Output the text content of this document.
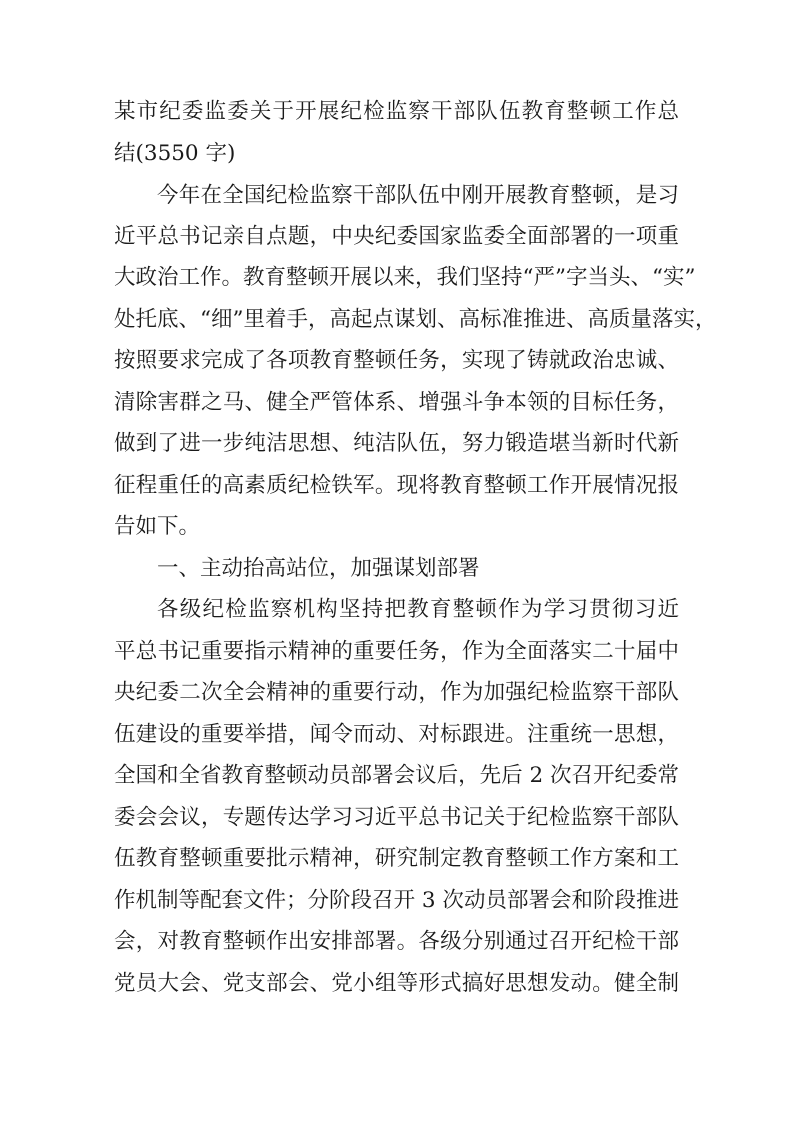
某市纪委监委关于开展纪检监察干部队伍教育整顿工作总
结(3550 字)
今年在全国纪检监察干部队伍中刚开展教育整顿，是习
近平总书记亲自点题，中央纪委国家监委全面部署的一项重
大政治工作。教育整顿开展以来，我们坚持“严”字当头、“实”
处托底、“细”里着手，高起点谋划、高标准推进、高质量落实，
按照要求完成了各项教育整顿任务，实现了铸就政治忠诚、
清除害群之马、健全严管体系、增强斗争本领的目标任务，
做到了进一步纯洁思想、纯洁队伍，努力锻造堪当新时代新
征程重任的高素质纪检铁军。现将教育整顿工作开展情况报
告如下。
一、主动抬高站位，加强谋划部署
各级纪检监察机构坚持把教育整顿作为学习贯彻习近
平总书记重要指示精神的重要任务，作为全面落实二十届中
央纪委二次全会精神的重要行动，作为加强纪检监察干部队
伍建设的重要举措，闻令而动、对标跟进。注重统一思想，
全国和全省教育整顿动员部署会议后，先后 2 次召开纪委常
委会会议，专题传达学习习近平总书记关于纪检监察干部队
伍教育整顿重要批示精神，研究制定教育整顿工作方案和工
作机制等配套文件；分阶段召开 3 次动员部署会和阶段推进
会，对教育整顿作出安排部署。各级分别通过召开纪检干部
党员大会、党支部会、党小组等形式搞好思想发动。健全制
